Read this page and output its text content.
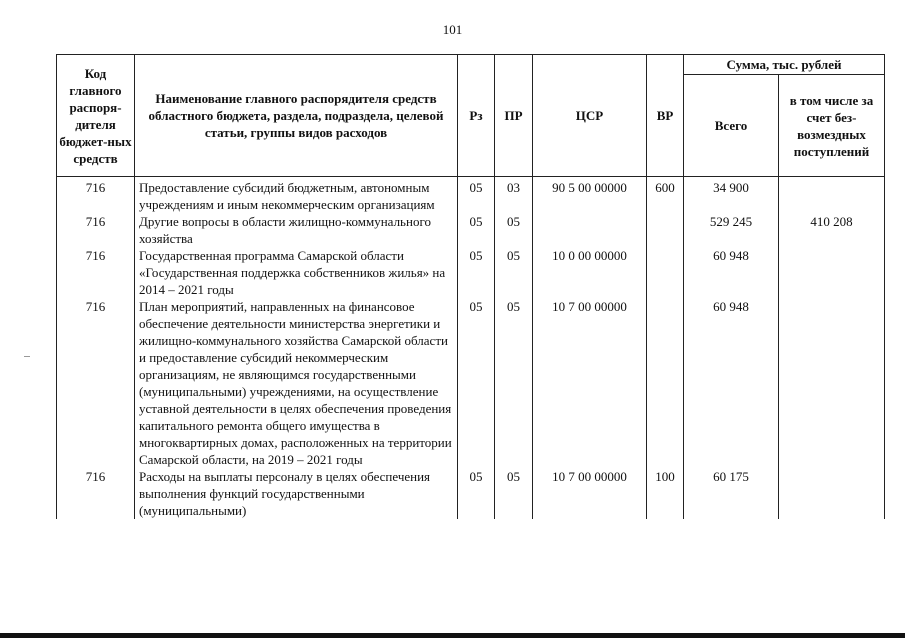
101
Код главного распоря-дителя бюджет-ных средств	Наименование главного распорядителя средств областного бюджета, раздела, подраздела, целевой статьи, группы видов расходов	Рз	ПР	ЦСР	ВР	Сумма, тыс. рублей	
						Всего	в том числе за счет без-возмездных поступлений
716	Предоставление субсидий бюджетным, автономным учреждениям и иным некоммерческим организациям	05	03	90 5 00 00000	600	34 900	
716	Другие вопросы в области жилищно-коммунального хозяйства	05	05			529 245	410 208
716	Государственная программа Самарской области «Государственная поддержка собственников жилья» на 2014 – 2021 годы	05	05	10 0 00 00000		60 948	
716	План мероприятий, направленных на финансовое обеспечение деятельности министерства энергетики и жилищно-коммунального хозяйства Самарской области и предоставление субсидий некоммерческим организациям, не являющимся государственными (муниципальными) учреждениями, на осуществление уставной деятельности в целях обеспечения проведения капитального ремонта общего имущества в многоквартирных домах, расположенных на территории Самарской области, на 2019 – 2021 годы	05	05	10 7 00 00000		60 948	
716	Расходы на выплаты персоналу в целях обеспечения выполнения функций государственными (муниципальными)	05	05	10 7 00 00000	100	60 175	
